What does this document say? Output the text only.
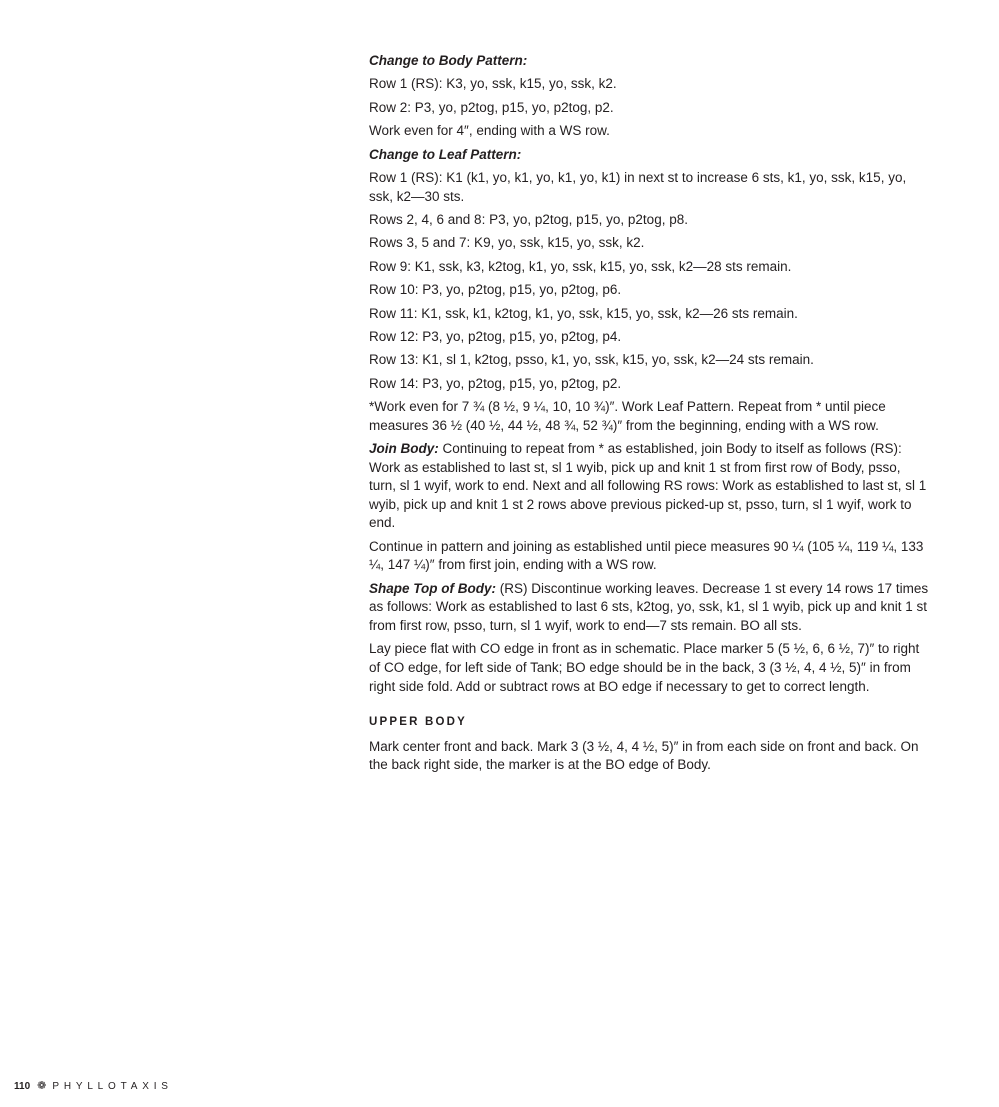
Change to Body Pattern:

Row 1 (RS): K3, yo, ssk, k15, yo, ssk, k2.

Row 2: P3, yo, p2tog, p15, yo, p2tog, p2.

Work even for 4″, ending with a WS row.

Change to Leaf Pattern:

Row 1 (RS): K1 (k1, yo, k1, yo, k1, yo, k1) in next st to increase 6 sts, k1, yo, ssk, k15, yo, ssk, k2—30 sts.

Rows 2, 4, 6 and 8: P3, yo, p2tog, p15, yo, p2tog, p8.

Rows 3, 5 and 7: K9, yo, ssk, k15, yo, ssk, k2.

Row 9: K1, ssk, k3, k2tog, k1, yo, ssk, k15, yo, ssk, k2—28 sts remain.

Row 10: P3, yo, p2tog, p15, yo, p2tog, p6.

Row 11: K1, ssk, k1, k2tog, k1, yo, ssk, k15, yo, ssk, k2—26 sts remain.

Row 12: P3, yo, p2tog, p15, yo, p2tog, p4.

Row 13: K1, sl 1, k2tog, psso, k1, yo, ssk, k15, yo, ssk, k2—24 sts remain.

Row 14: P3, yo, p2tog, p15, yo, p2tog, p2.

*Work even for 7 ¾ (8 ½, 9 ¼, 10, 10 ¾)″. Work Leaf Pattern. Repeat from * until piece measures 36 ½ (40 ½, 44 ½, 48 ¾, 52 ¾)″ from the beginning, ending with a WS row.

Join Body: Continuing to repeat from * as established, join Body to itself as follows (RS): Work as established to last st, sl 1 wyib, pick up and knit 1 st from first row of Body, psso, turn, sl 1 wyif, work to end. Next and all following RS rows: Work as established to last st, sl 1 wyib, pick up and knit 1 st 2 rows above previous picked-up st, psso, turn, sl 1 wyif, work to end.

Continue in pattern and joining as established until piece measures 90 ¼ (105 ¼, 119 ¼, 133 ¼, 147 ¼)″ from first join, ending with a WS row.

Shape Top of Body: (RS) Discontinue working leaves. Decrease 1 st every 14 rows 17 times as follows: Work as established to last 6 sts, k2tog, yo, ssk, k1, sl 1 wyib, pick up and knit 1 st from first row, psso, turn, sl 1 wyif, work to end—7 sts remain. BO all sts.

Lay piece flat with CO edge in front as in schematic. Place marker 5 (5 ½, 6, 6 ½, 7)″ to right of CO edge, for left side of Tank; BO edge should be in the back, 3 (3 ½, 4, 4 ½, 5)″ in from right side fold. Add or subtract rows at BO edge if necessary to get to correct length.

UPPER BODY

Mark center front and back. Mark 3 (3 ½, 4, 4 ½, 5)″ in from each side on front and back. On the back right side, the marker is at the BO edge of Body.

110 ❁ PHYLLOTAXIS
